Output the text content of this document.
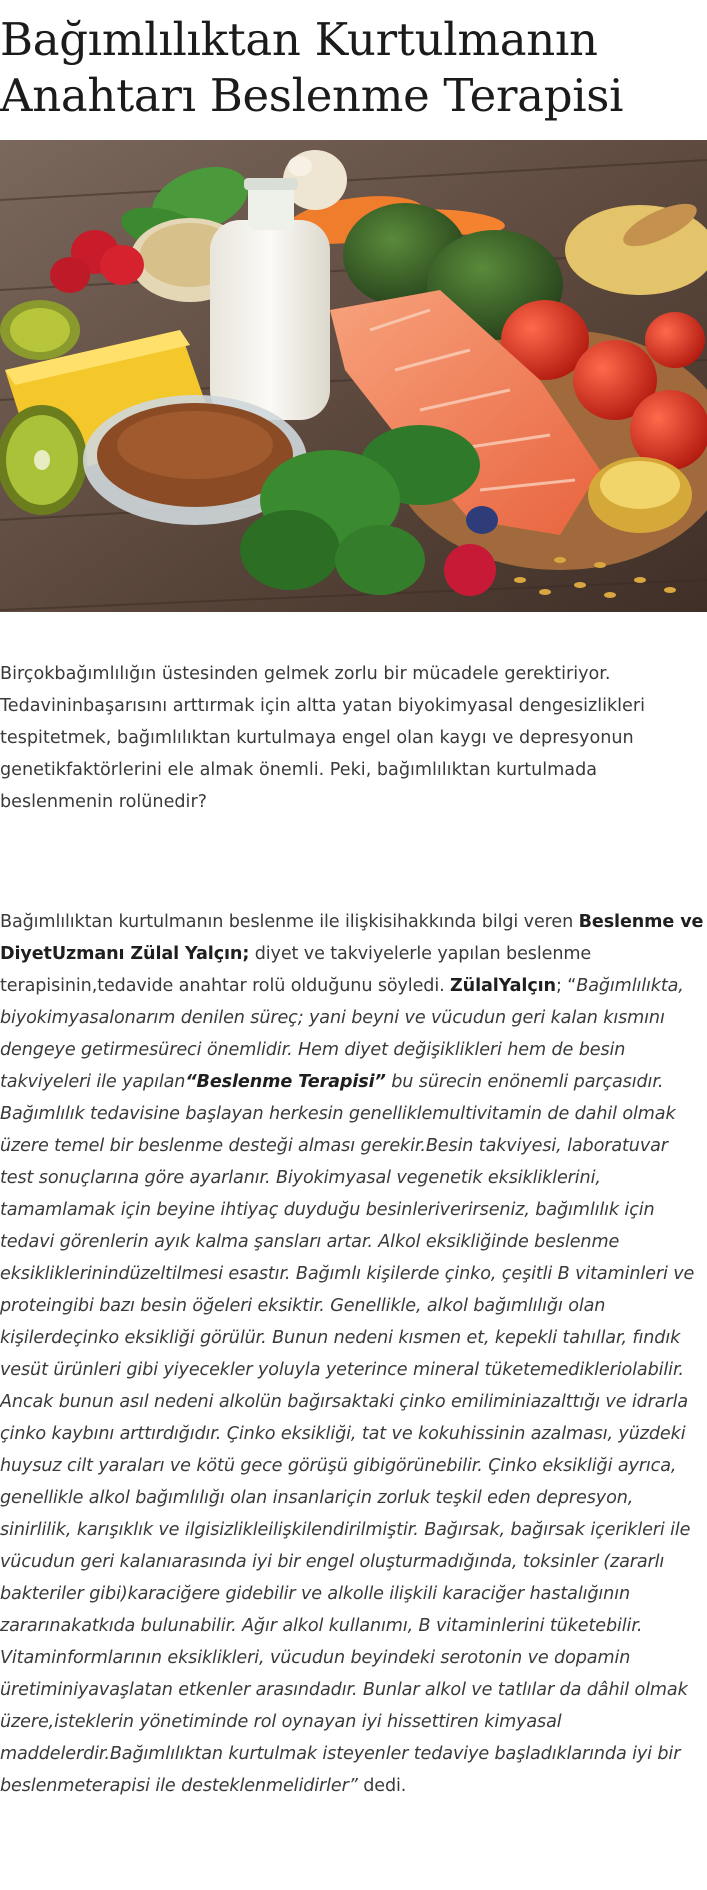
Bağımlılıktan Kurtulmanın
Anahtarı Beslenme Terapisi

Birçokbağımlılığın üstesinden gelmek zorlu bir mücadele gerektiriyor. Tedavininbaşarısını arttırmak için altta yatan biyokimyasal dengesizlikleri tespitetmek, bağımlılıktan kurtulmaya engel olan kaygı ve depresyonun genetikfaktörlerini ele almak önemli. Peki, bağımlılıktan kurtulmada beslenmenin rolünedir?

Bağımlılıktan kurtulmanın beslenme ile ilişkisihakkında bilgi veren Beslenme ve DiyetUzmanı Zülal Yalçın; diyet ve takviyelerle yapılan beslenme terapisinin,tedavide anahtar rolü olduğunu söyledi. ZülalYalçın; “Bağımlılıkta, biyokimyasalonarım denilen süreç; yani beyni ve vücudun geri kalan kısmını dengeye getirmesüreci önemlidir. Hem diyet değişiklikleri hem de besin takviyeleri ile yapılan“Beslenme Terapisi” bu sürecin enönemli parçasıdır. Bağımlılık tedavisine başlayan herkesin genelliklemultivitamin de dahil olmak üzere temel bir beslenme desteği alması gerekir.Besin takviyesi, laboratuvar test sonuçlarına göre ayarlanır. Biyokimyasal vegenetik eksikliklerini, tamamlamak için beyine ihtiyaç duyduğu besinleriverirseniz, bağımlılık için tedavi görenlerin ayık kalma şansları artar. Alkol eksikliğinde beslenme eksikliklerinindüzeltilmesi esastır. Bağımlı kişilerde çinko, çeşitli B vitaminleri ve proteingibi bazı besin öğeleri eksiktir. Genellikle, alkol bağımlılığı olan kişilerdeçinko eksikliği görülür. Bunun nedeni kısmen et, kepekli tahıllar, fındık vesüt ürünleri gibi yiyecekler yoluyla yeterince mineral tüketemedikleriolabilir. Ancak bunun asıl nedeni alkolün bağırsaktaki çinko emiliminiazalttığı ve idrarla çinko kaybını arttırdığıdır. Çinko eksikliği, tat ve kokuhissinin azalması, yüzdeki huysuz cilt yaraları ve kötü gece görüşü gibigörünebilir. Çinko eksikliği ayrıca, genellikle alkol bağımlılığı olan insanlariçin zorluk teşkil eden depresyon, sinirlilik, karışıklık ve ilgisizlikleilişkilendirilmiştir. Bağırsak, bağırsak içerikleri ile vücudun geri kalanıarasında iyi bir engel oluşturmadığında, toksinler (zararlı bakteriler gibi)karaciğere gidebilir ve alkolle ilişkili karaciğer hastalığının zararınakatkıda bulunabilir. Ağır alkol kullanımı, B vitaminlerini tüketebilir. Vitaminformlarının eksiklikleri, vücudun beyindeki serotonin ve dopamin üretiminiyavaşlatan etkenler arasındadır. Bunlar alkol ve tatlılar da dâhil olmak üzere,isteklerin yönetiminde rol oynayan iyi hissettiren kimyasal maddelerdir.Bağımlılıktan kurtulmak isteyenler tedaviye başladıklarında iyi bir beslenmeterapisi ile desteklenmelidirler” dedi.
